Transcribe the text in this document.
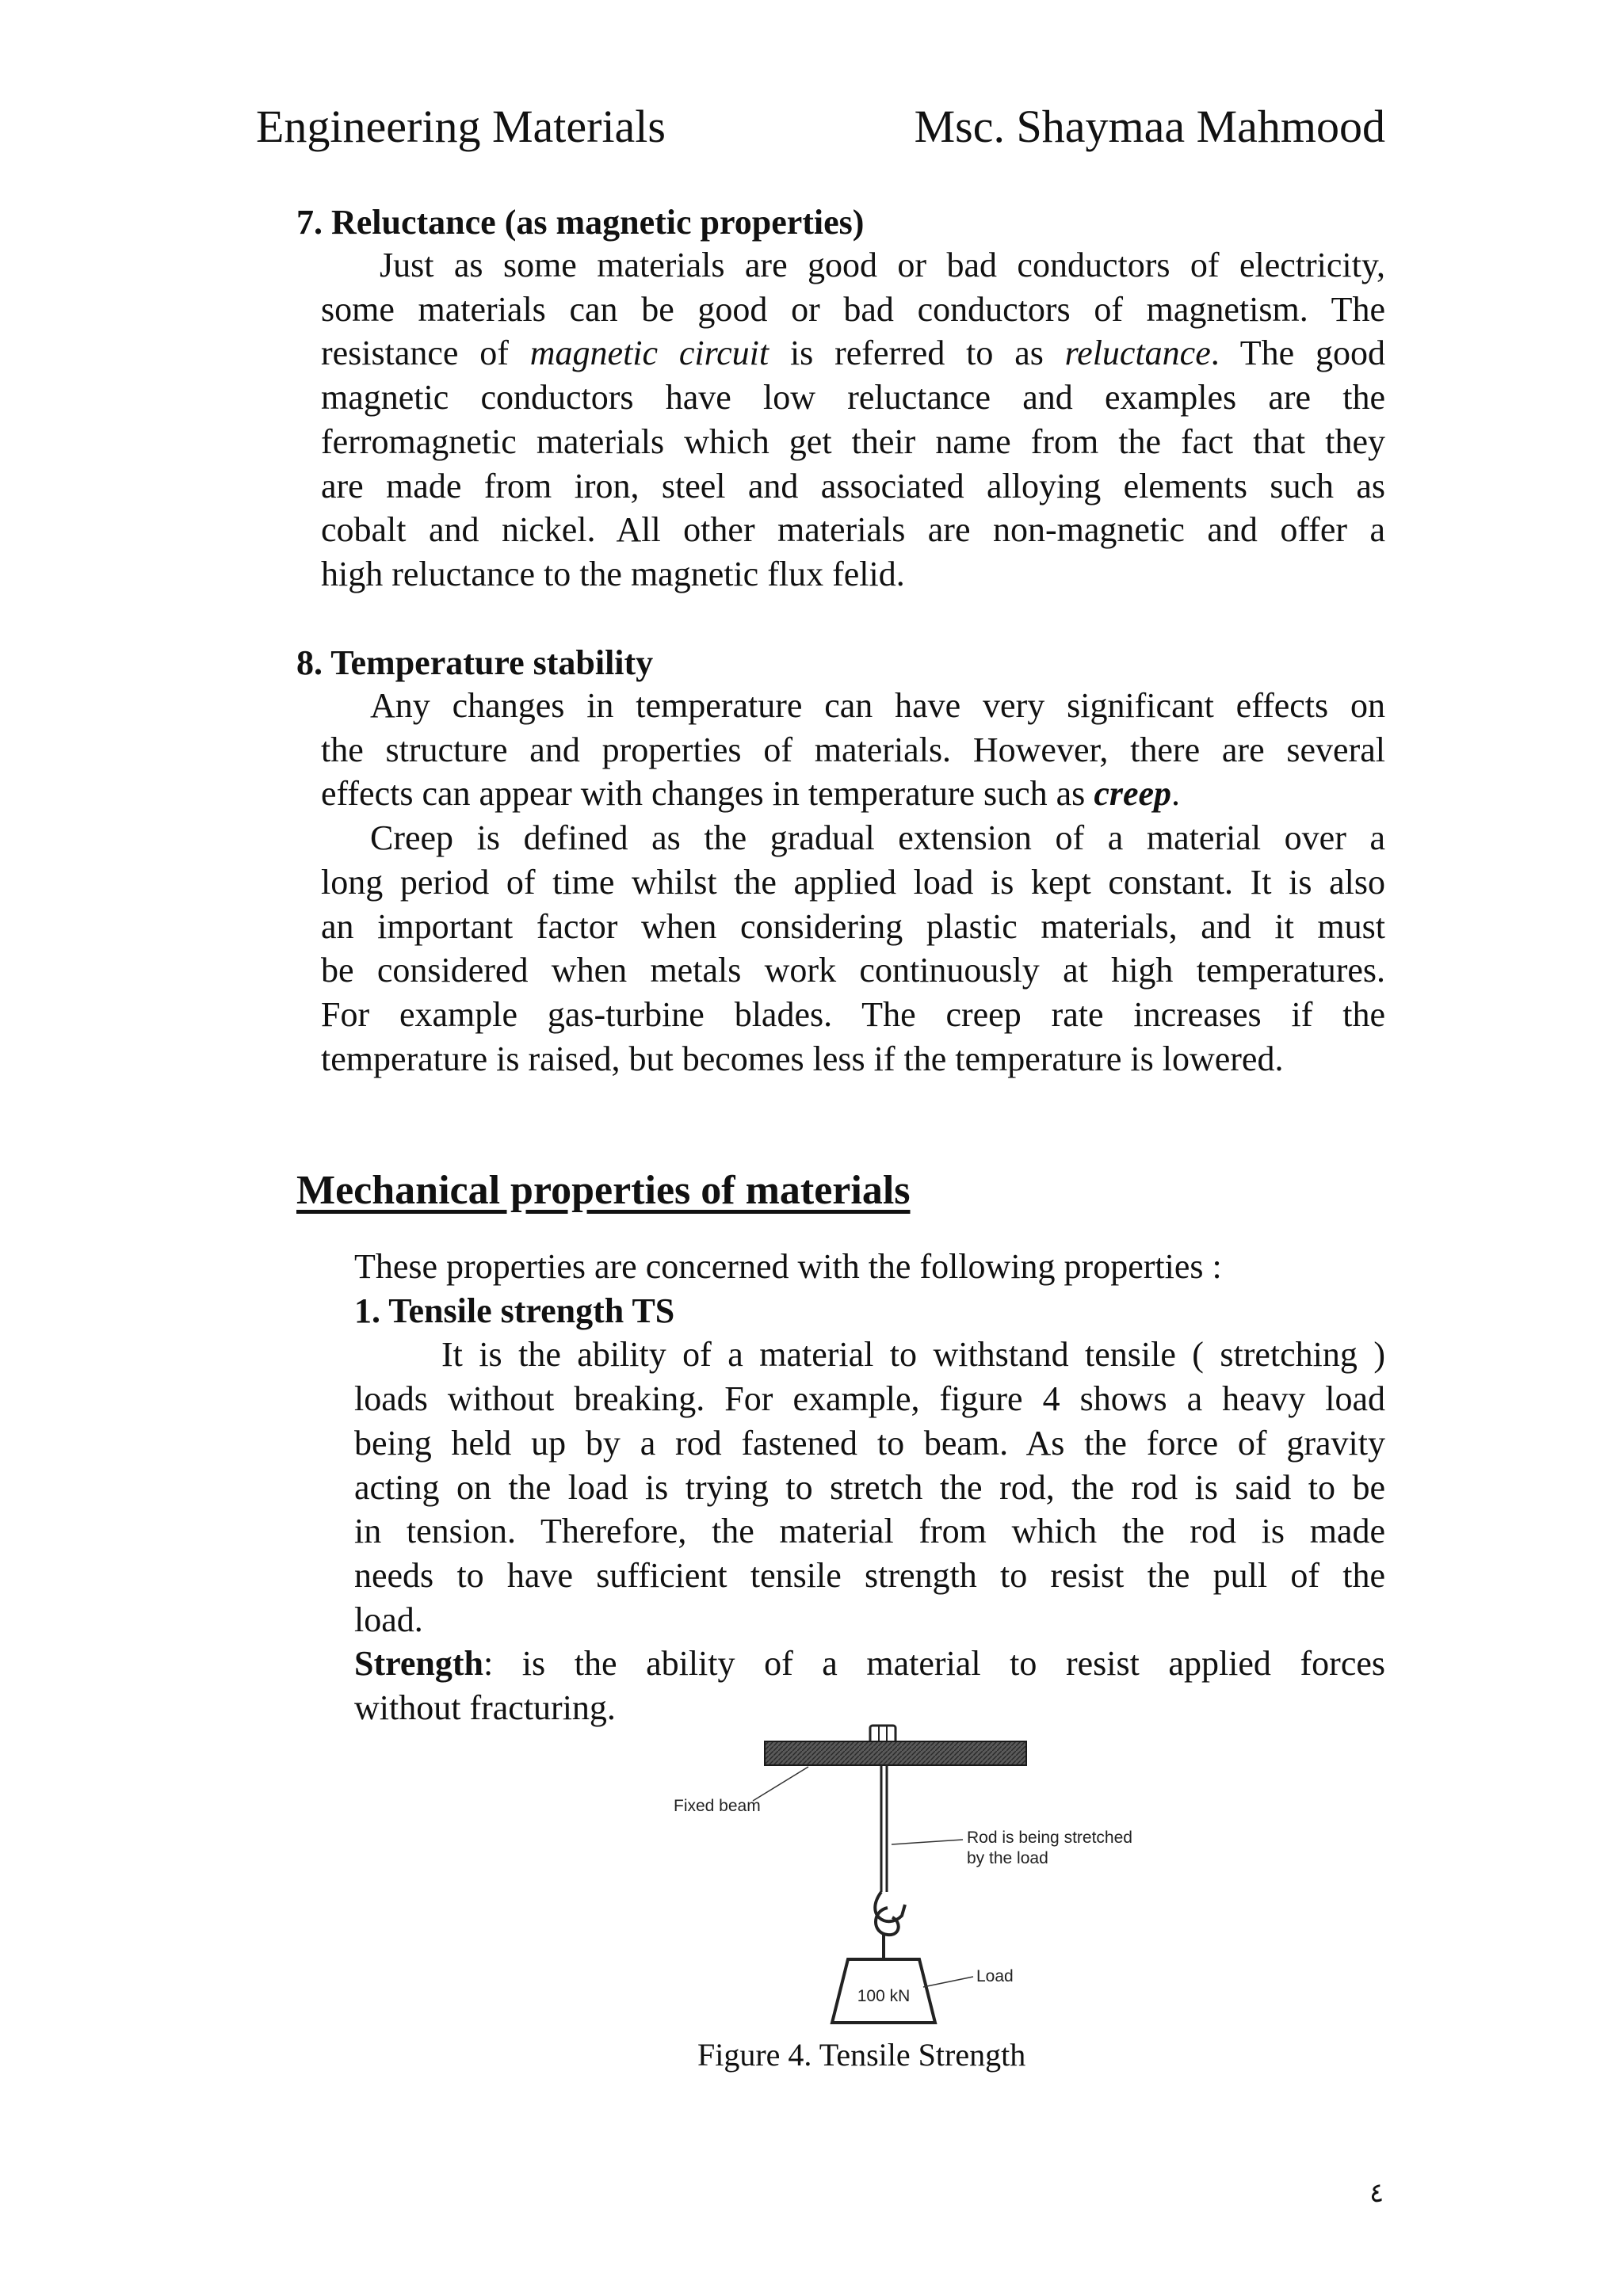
Engineering Materials	Msc. Shaymaa Mahmood
7. Reluctance (as magnetic properties)
Just as some materials are good or bad conductors of electricity,
some materials can be good or bad conductors of magnetism. The
resistance of magnetic circuit is referred to as reluctance. The good
magnetic conductors have low reluctance and examples are the
ferromagnetic materials which get their name from the fact that they
are made from iron, steel and associated alloying elements such as
cobalt and nickel. All other materials are non-magnetic and offer a
high reluctance to the magnetic flux felid.
8. Temperature stability
Any changes in temperature can have very significant effects on
the structure and properties of materials. However, there are several
effects can appear with changes in temperature such as creep.
Creep is defined as the gradual extension of a material over a
long period of time whilst the applied load is kept constant. It is also
an important factor when considering plastic materials, and it must
be considered when metals work continuously at high temperatures.
For example gas-turbine blades. The creep rate increases if the
temperature is raised, but becomes less if the temperature is lowered.
Mechanical properties of materials
These properties are concerned with the following properties :
1. Tensile strength TS
It is the ability of a material to withstand tensile ( stretching )
loads without breaking. For example, figure 4 shows a heavy load
being held up by a rod fastened to beam. As the force of gravity
acting on the load is trying to stretch the rod, the rod is said to be
in tension. Therefore, the material from which the rod is made
needs to have sufficient tensile strength to resist the pull of the
load.
Strength: is the ability of a material to resist applied forces
without fracturing.
100 kN
Fixed beam
Rod is being stretched
by the load
Load
Figure 4. Tensile Strength
٤
